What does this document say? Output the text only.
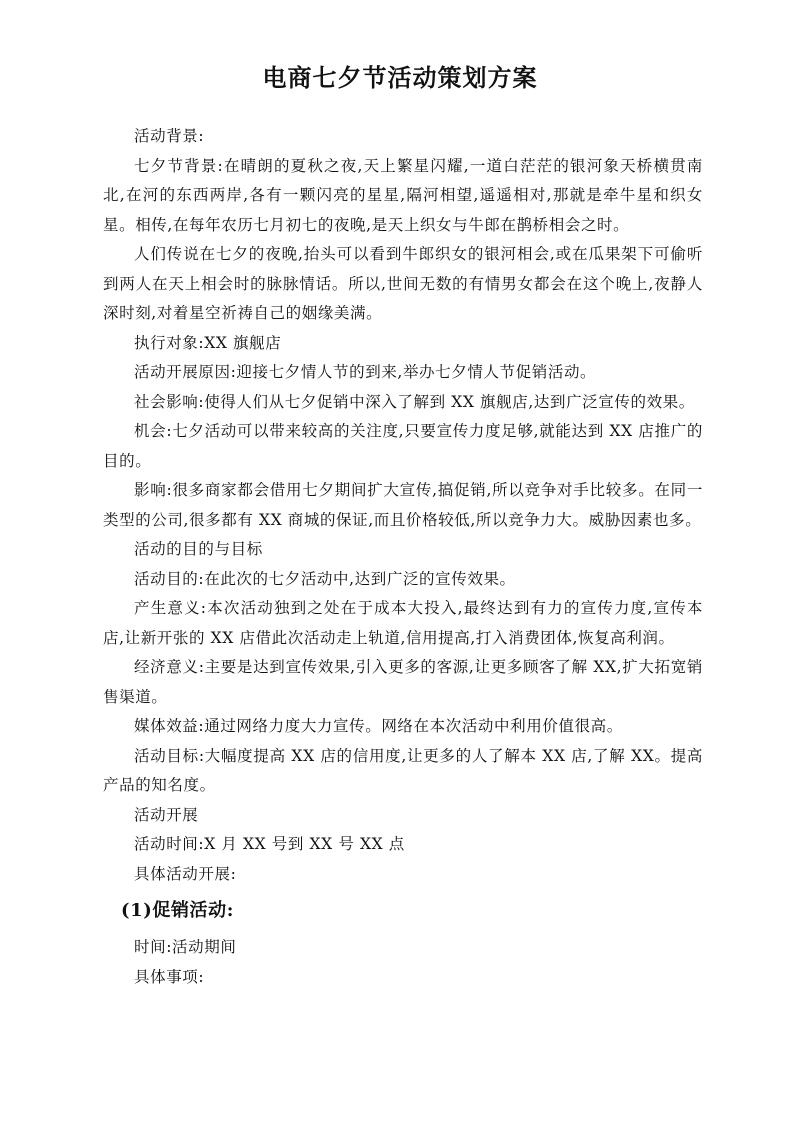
电商七夕节活动策划方案

活动背景:

七夕节背景:在晴朗的夏秋之夜,天上繁星闪耀,一道白茫茫的银河象天桥横贯南北,在河的东西两岸,各有一颗闪亮的星星,隔河相望,遥遥相对,那就是牵牛星和织女星。相传,在每年农历七月初七的夜晚,是天上织女与牛郎在鹊桥相会之时。

人们传说在七夕的夜晚,抬头可以看到牛郎织女的银河相会,或在瓜果架下可偷听到两人在天上相会时的脉脉情话。所以,世间无数的有情男女都会在这个晚上,夜静人深时刻,对着星空祈祷自己的姻缘美满。

执行对象:XX 旗舰店

活动开展原因:迎接七夕情人节的到来,举办七夕情人节促销活动。

社会影响:使得人们从七夕促销中深入了解到 XX 旗舰店,达到广泛宣传的效果。

机会:七夕活动可以带来较高的关注度,只要宣传力度足够,就能达到 XX 店推广的目的。

影响:很多商家都会借用七夕期间扩大宣传,搞促销,所以竞争对手比较多。在同一类型的公司,很多都有 XX 商城的保证,而且价格较低,所以竞争力大。威胁因素也多。

活动的目的与目标

活动目的:在此次的七夕活动中,达到广泛的宣传效果。

产生意义:本次活动独到之处在于成本大投入,最终达到有力的宣传力度,宣传本店,让新开张的 XX 店借此次活动走上轨道,信用提高,打入消费团体,恢复高利润。

经济意义:主要是达到宣传效果,引入更多的客源,让更多顾客了解 XX,扩大拓宽销售渠道。

媒体效益:通过网络力度大力宣传。网络在本次活动中利用价值很高。

活动目标:大幅度提高 XX 店的信用度,让更多的人了解本 XX 店,了解 XX。提高产品的知名度。

活动开展

活动时间:X 月 XX 号到 XX 号 XX 点

具体活动开展:

(1)促销活动:

时间:活动期间

具体事项:
